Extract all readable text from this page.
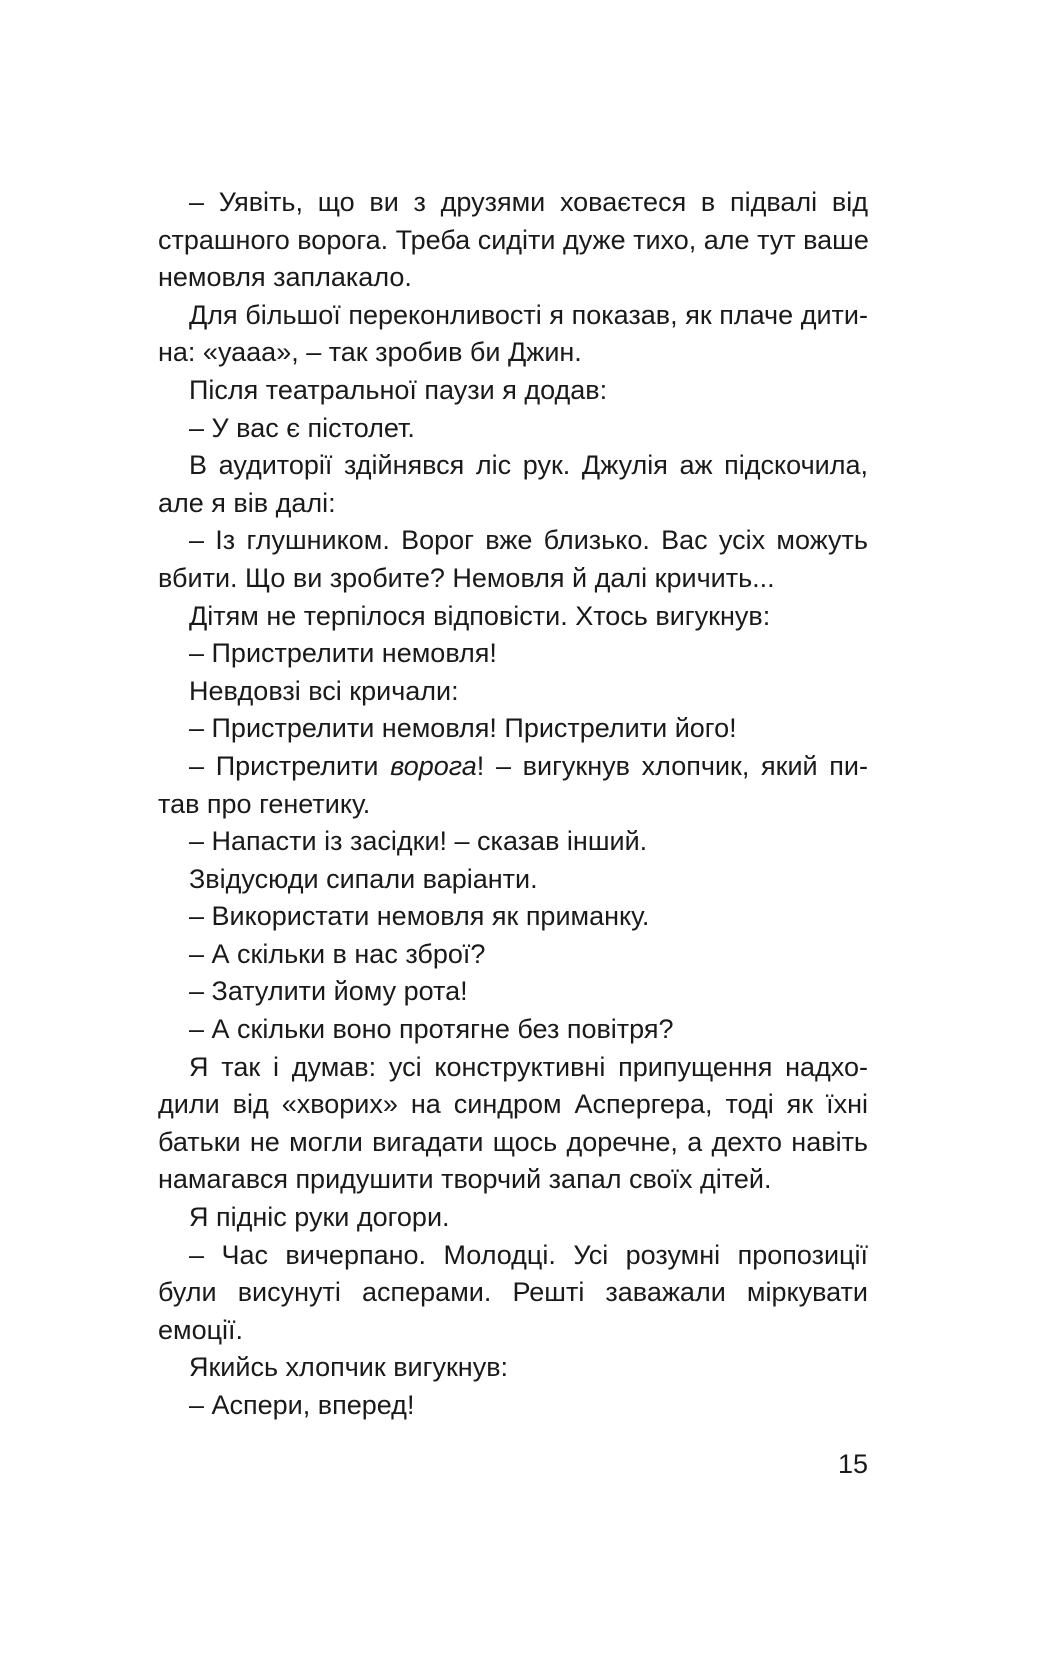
– Уявіть, що ви з друзями ховаєтеся в підвалі від
страшного ворога. Треба сидіти дуже тихо, але тут ваше
немовля заплакало.
Для більшої переконливості я показав, як плаче дити-
на: «уааа», – так зробив би Джин.
Після театральної паузи я додав:
– У вас є пістолет.
В аудиторії здійнявся ліс рук. Джулія аж підскочила,
але я вів далі:
– Із глушником. Ворог вже близько. Вас усіх можуть
вбити. Що ви зробите? Немовля й далі кричить...
Дітям не терпілося відповісти. Хтось вигукнув:
– Пристрелити немовля!
Невдовзі всі кричали:
– Пристрелити немовля! Пристрелити його!
– Пристрелити ворога! – вигукнув хлопчик, який пи-
тав про генетику.
– Напасти із засідки! – сказав інший.
Звідусюди сипали варіанти.
– Використати немовля як приманку.
– А скільки в нас зброї?
– Затулити йому рота!
– А скільки воно протягне без повітря?
Я так і думав: усі конструктивні припущення надхо-
дили від «хворих» на синдром Аспергера, тоді як їхні
батьки не могли вигадати щось доречне, а дехто навіть
намагався придушити творчий запал своїх дітей.
Я підніс руки догори.
– Час вичерпано. Молодці. Усі розумні пропозиції
були висунуті асперами. Решті заважали міркувати
емоції.
Якийсь хлопчик вигукнув:
– Аспери, вперед!
15
